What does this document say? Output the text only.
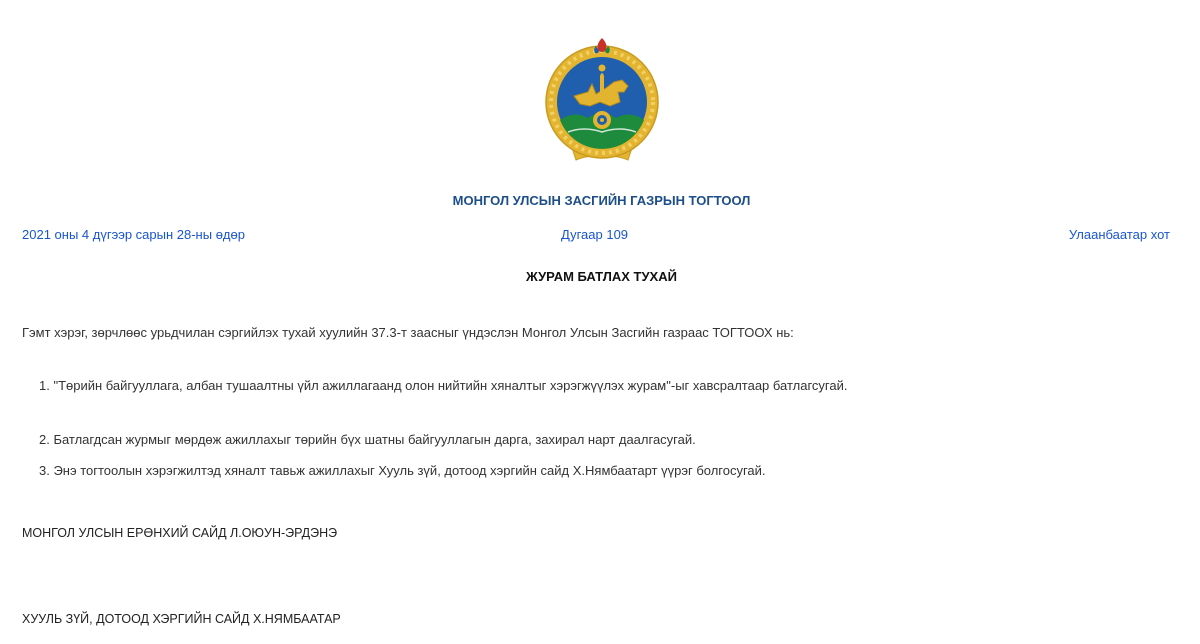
МОНГОЛ УЛСЫН ЗАСГИЙН ГАЗРЫН ТОГТООЛ
2021 оны 4 дүгээр сарын 28-ны өдөр	Дугаар 109	Улаанбаатар хот
ЖУРАМ БАТЛАХ ТУХАЙ
Гэмт хэрэг, зөрчлөөс урьдчилан сэргийлэх тухай хуулийн 37.3-т заасныг үндэслэн Монгол Улсын Засгийн газраас ТОГТООХ нь:
1. "Төрийн байгууллага, албан тушаалтны үйл ажиллагаанд олон нийтийн хяналтыг хэрэгжүүлэх журам"-ыг хавсралтаар батлагсугай.
2. Батлагдсан журмыг мөрдөж ажиллахыг төрийн бүх шатны байгууллагын дарга, захирал нарт даалгасугай.
3. Энэ тогтоолын хэрэгжилтэд хяналт тавьж ажиллахыг Хууль зүй, дотоод хэргийн сайд Х.Нямбаатарт үүрэг болгосугай.
МОНГОЛ УЛСЫН ЕРӨНХИЙ САЙД Л.ОЮУН-ЭРДЭНЭ
ХУУЛЬ ЗҮЙ, ДОТООД ХЭРГИЙН САЙД Х.НЯМБААТАР
